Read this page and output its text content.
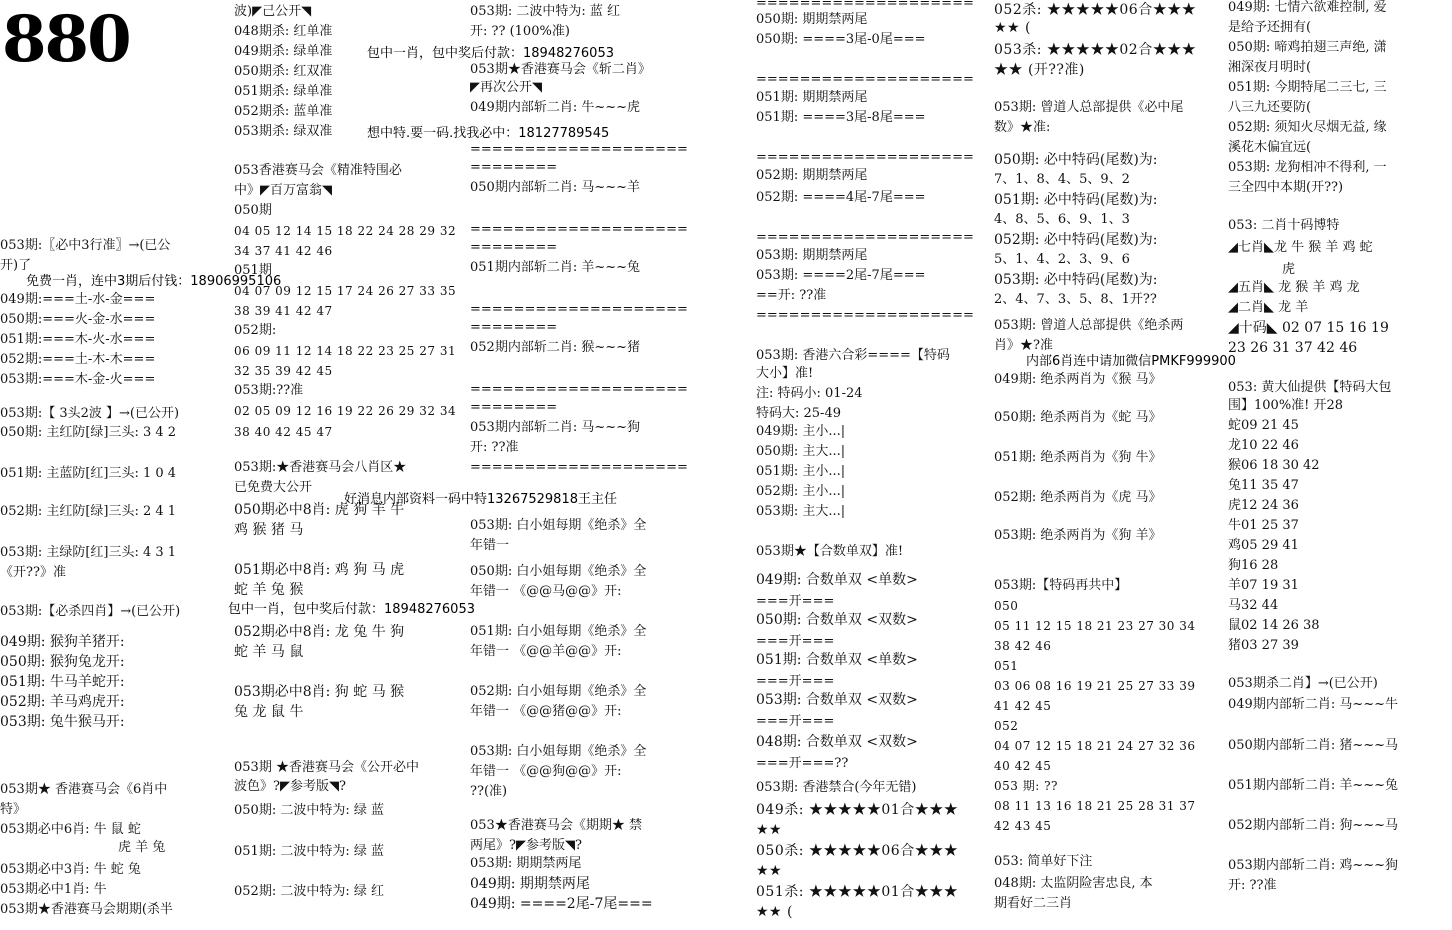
880
053期:〖必中3行准〗→(已公
开)了
049期:===土-水-金===
050期:===火-金-水===
051期:===木-火-水===
052期:===土-木-木===
053期:===木-金-火===
053期:【 3头2波 】→(已公开)
050期: 主红防[绿]三头: 3 4 2
051期: 主蓝防[红]三头: 1 0 4
052期: 主红防[绿]三头: 2 4 1
053期: 主绿防[红]三头: 4 3 1
《开??》准
053期:【必杀四肖】→(已公开)
049期: 猴狗羊猪开:
050期: 猴狗兔龙开:
051期: 牛马羊蛇开:
052期: 羊马鸡虎开:
053期: 兔牛猴马开:
053期★ 香港赛马会《6肖中
特》
053期必中6肖: 牛 鼠 蛇
虎 羊 兔
053期必中3肖: 牛 蛇 兔
053期必中1肖: 牛
053期★香港赛马会期期(杀半
波)◤己公开◥
048期杀: 红单准
049期杀: 绿单准
050期杀: 红双准
051期杀: 绿单准
052期杀: 蓝单准
053期杀: 绿双准
053香港赛马会《精准特围必
中》◤百万富翁◥
050期
04 05 12 14 15 18 22 24 28 29 32
34 37 41 42 46
051期
04 07 09 12 15 17 24 26 27 33 35
38 39 41 42 47
052期:
06 09 11 12 14 18 22 23 25 27 31
32 35 39 42 45
053期:??准
02 05 09 12 16 19 22 26 29 32 34
38 40 42 45 47
053期:★香港赛马会八肖区★
已免费大公开
050期必中8肖: 虎 狗 羊 牛
鸡 猴 猪 马
051期必中8肖: 鸡 狗 马 虎
蛇 羊 兔 猴
052期必中8肖: 龙 兔 牛 狗
蛇 羊 马 鼠
053期必中8肖: 狗 蛇 马 猴
兔 龙 鼠 牛
053期 ★香港赛马会《公开必中
波色》?◤参考版◥?
050期: 二波中特为: 绿 蓝
051期: 二波中特为: 绿 蓝
052期: 二波中特为: 绿 红
053期: 二波中特为: 蓝 红
开: ?? (100%准)
053期★香港赛马会《斩二肖》
◤再次公开◥
049期内部斩二肖: 牛~~~虎
====================
========
050期内部斩二肖: 马~~~羊
====================
========
051期内部斩二肖: 羊~~~兔
====================
========
052期内部斩二肖: 猴~~~猪
====================
========
053期内部斩二肖: 马~~~狗
开: ??准
====================
053期: 白小姐每期《绝杀》全
年错一
050期: 白小姐每期《绝杀》全
年错一 《@@马@@》开:
051期: 白小姐每期《绝杀》全
年错一 《@@羊@@》开:
052期: 白小姐每期《绝杀》全
年错一 《@@猪@@》开:
053期: 白小姐每期《绝杀》全
年错一 《@@狗@@》开:
??(准)
053★香港赛马会《期期★ 禁
两尾》?◤参考版◥?
053期: 期期禁两尾
049期: 期期禁两尾
049期: ====2尾-7尾===
====================
050期: 期期禁两尾
050期: ====3尾-0尾===
====================
051期: 期期禁两尾
051期: ====3尾-8尾===
====================
052期: 期期禁两尾
052期: ====4尾-7尾===
====================
053期: 期期禁两尾
053期: ====2尾-7尾===
==开: ??准
====================
053期: 香港六合彩====【特码
大小】准!
注: 特码小: 01-24
特码大: 25-49
049期: 主小...|
050期: 主大...|
051期: 主小...|
052期: 主小...|
053期: 主大...|
053期★【合数单双】准!
049期: 合数单双 <单数>
===开===
050期: 合数单双 <双数>
===开===
051期: 合数单双 <单数>
===开===
053期: 合数单双 <双数>
===开===
048期: 合数单双 <双数>
===开===??
053期: 香港禁合(今年无错)
049杀: ★★★★★01合★★★
★★
050杀: ★★★★★06合★★★
★★
051杀: ★★★★★01合★★★
★★ (
052杀: ★★★★★06合★★★
★★ (
053杀: ★★★★★02合★★★
★★ (开??准)
053期: 曾道人总部提供《必中尾
数》★准:
050期: 必中特码(尾数)为:
7、1、8、4、5、9、2
051期: 必中特码(尾数)为:
4、8、5、6、9、1、3
052期: 必中特码(尾数)为:
5、1、4、2、3、9、6
053期: 必中特码(尾数)为:
2、4、7、3、5、8、1开??
053期: 曾道人总部提供《绝杀两
肖》★?准
049期: 绝杀两肖为《猴 马》
050期: 绝杀两肖为《蛇 马》
051期: 绝杀两肖为《狗 牛》
052期: 绝杀两肖为《虎 马》
053期: 绝杀两肖为《狗 羊》
053期:【特码再共中】
050
05 11 12 15 18 21 23 27 30 34
38 42 46
051
03 06 08 16 19 21 25 27 33 39
41 42 45
052
04 07 12 15 18 21 24 27 32 36
40 42 45
053 期: ??
08 11 13 16 18 21 25 28 31 37
42 43 45
053: 简单好下注
048期: 太监阴险害忠良, 本
期看好二三肖
049期: 七情六欲难控制, 爱
是给予还拥有(
050期: 啼鸡拍翅三声绝, 潇
湘深夜月明时(
051期: 今期特尾二三七, 三
八三九还要防(
052期: 须知火尽烟无益, 缘
溪花木偏宜远(
053期: 龙狗相冲不得利, 一
三全四中本期(开??)
053: 二肖十码博特
◢七肖◣龙 牛 猴 羊 鸡 蛇
虎
◢五肖◣ 龙 猴 羊 鸡 龙
◢二肖◣ 龙 羊
◢十码◣ 02 07 15 16 19
23 26 31 37 42 46
053: 黄大仙提供【特码大包
围】100%准! 开28
蛇09 21 45
龙10 22 46
猴06 18 30 42
兔11 35 47
虎12 24 36
牛01 25 37
鸡05 29 41
狗16 28
羊07 19 31
马32 44
鼠02 14 26 38
猪03 27 39
053期杀二肖】→(已公开)
049期内部斩二肖: 马~~~牛
050期内部斩二肖: 猪~~~马
051期内部斩二肖: 羊~~~兔
052期内部斩二肖: 狗~~~马
053期内部斩二肖: 鸡~~~狗
开: ??准
包中一肖，包中奖后付款：18948276053
想中特.要一码.找我必中：18127789545
免费一肖，连中3期后付钱：18906995106
好消息内部资料一码中特13267529818王主任
包中一肖，包中奖后付款：18948276053
内部6肖连中请加微信PMKF999900
